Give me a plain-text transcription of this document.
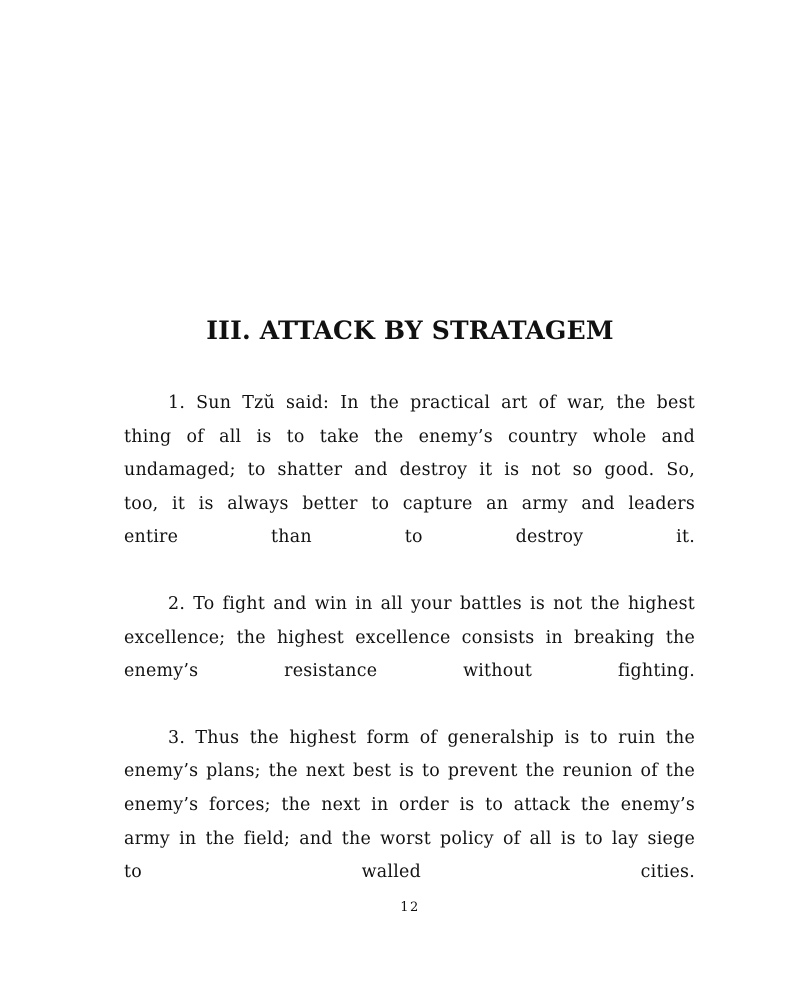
III. ATTACK BY STRATAGEM

1. Sun Tzŭ said: In the practical art of war, the best thing of all is to take the enemy’s country whole and undamaged; to shatter and destroy it is not so good. So, too, it is always better to capture an army and leaders entire than to destroy it.

2. To fight and win in all your battles is not the highest excellence; the highest excellence consists in breaking the enemy’s resistance without fighting.

3. Thus the highest form of generalship is to ruin the enemy’s plans; the next best is to prevent the reunion of the enemy’s forces; the next in order is to attack the enemy’s army in the field; and the worst policy of all is to lay siege to walled cities.

12
